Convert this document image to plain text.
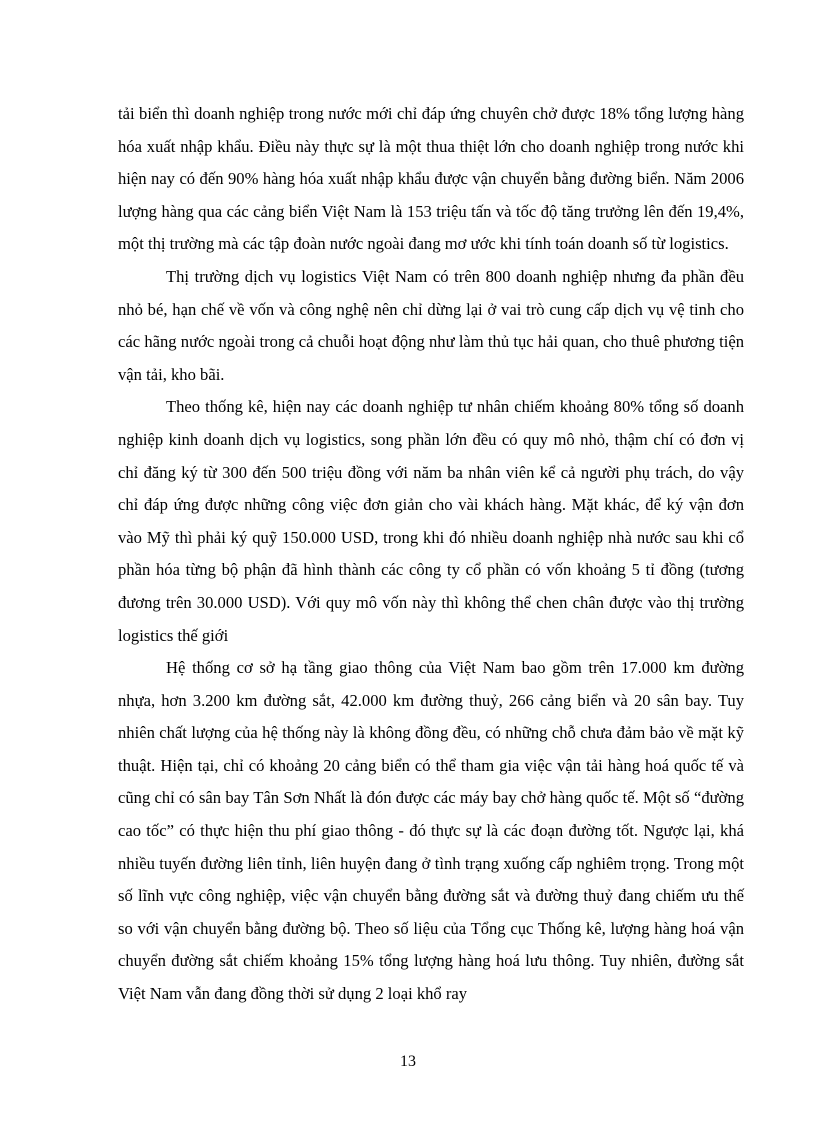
tải biển thì doanh nghiệp trong nước mới chỉ đáp ứng chuyên chở được 18% tổng lượng hàng hóa xuất nhập khẩu. Điều này thực sự là một thua thiệt lớn cho doanh nghiệp trong nước khi hiện nay có đến 90% hàng hóa xuất nhập khẩu được vận chuyển bằng đường biển. Năm 2006 lượng hàng qua các cảng biển Việt Nam là 153 triệu tấn và tốc độ tăng trưởng lên đến 19,4%, một thị trường mà các tập đoàn nước ngoài đang mơ ước khi tính toán doanh số từ logistics.

Thị trường dịch vụ logistics Việt Nam có trên 800 doanh nghiệp nhưng đa phần đều nhỏ bé, hạn chế về vốn và công nghệ nên chỉ dừng lại ở vai trò cung cấp dịch vụ vệ tinh cho các hãng nước ngoài trong cả chuỗi hoạt động như làm thủ tục hải quan, cho thuê phương tiện vận tải, kho bãi.

Theo thống kê, hiện nay các doanh nghiệp tư nhân chiếm khoảng 80% tổng số doanh nghiệp kinh doanh dịch vụ logistics, song phần lớn đều có quy mô nhỏ, thậm chí có đơn vị chỉ đăng ký từ 300 đến 500 triệu đồng với năm ba nhân viên kể cả người phụ trách, do vậy chỉ đáp ứng được những công việc đơn giản cho vài khách hàng. Mặt khác, để ký vận đơn vào Mỹ thì phải ký quỹ 150.000 USD, trong khi đó nhiều doanh nghiệp nhà nước sau khi cổ phần hóa từng bộ phận đã hình thành các công ty cổ phần có vốn khoảng 5 tỉ đồng (tương đương trên 30.000 USD). Với quy mô vốn này thì không thể chen chân được vào thị trường logistics thế giới

Hệ thống cơ sở hạ tầng giao thông của Việt Nam bao gồm trên 17.000 km đường nhựa, hơn 3.200 km đường sắt, 42.000 km đường thuỷ, 266 cảng biển và 20 sân bay. Tuy nhiên chất lượng của hệ thống này là không đồng đều, có những chỗ chưa đảm bảo về mặt kỹ thuật. Hiện tại, chỉ có khoảng 20 cảng biển có thể tham gia việc vận tải hàng hoá quốc tế và cũng chỉ có sân bay Tân Sơn Nhất là đón được các máy bay chở hàng quốc tế. Một số “đường cao tốc” có thực hiện thu phí giao thông - đó thực sự là các đoạn đường tốt. Ngược lại, khá nhiều tuyến đường liên tỉnh, liên huyện đang ở tình trạng xuống cấp nghiêm trọng. Trong một số lĩnh vực công nghiệp, việc vận chuyển bằng đường sắt và đường thuỷ đang chiếm ưu thế so với vận chuyển bằng đường bộ. Theo số liệu của Tổng cục Thống kê, lượng hàng hoá vận chuyển đường sắt chiếm khoảng 15% tổng lượng hàng hoá lưu thông. Tuy nhiên, đường sắt Việt Nam vẫn đang đồng thời sử dụng 2 loại khổ ray

13
